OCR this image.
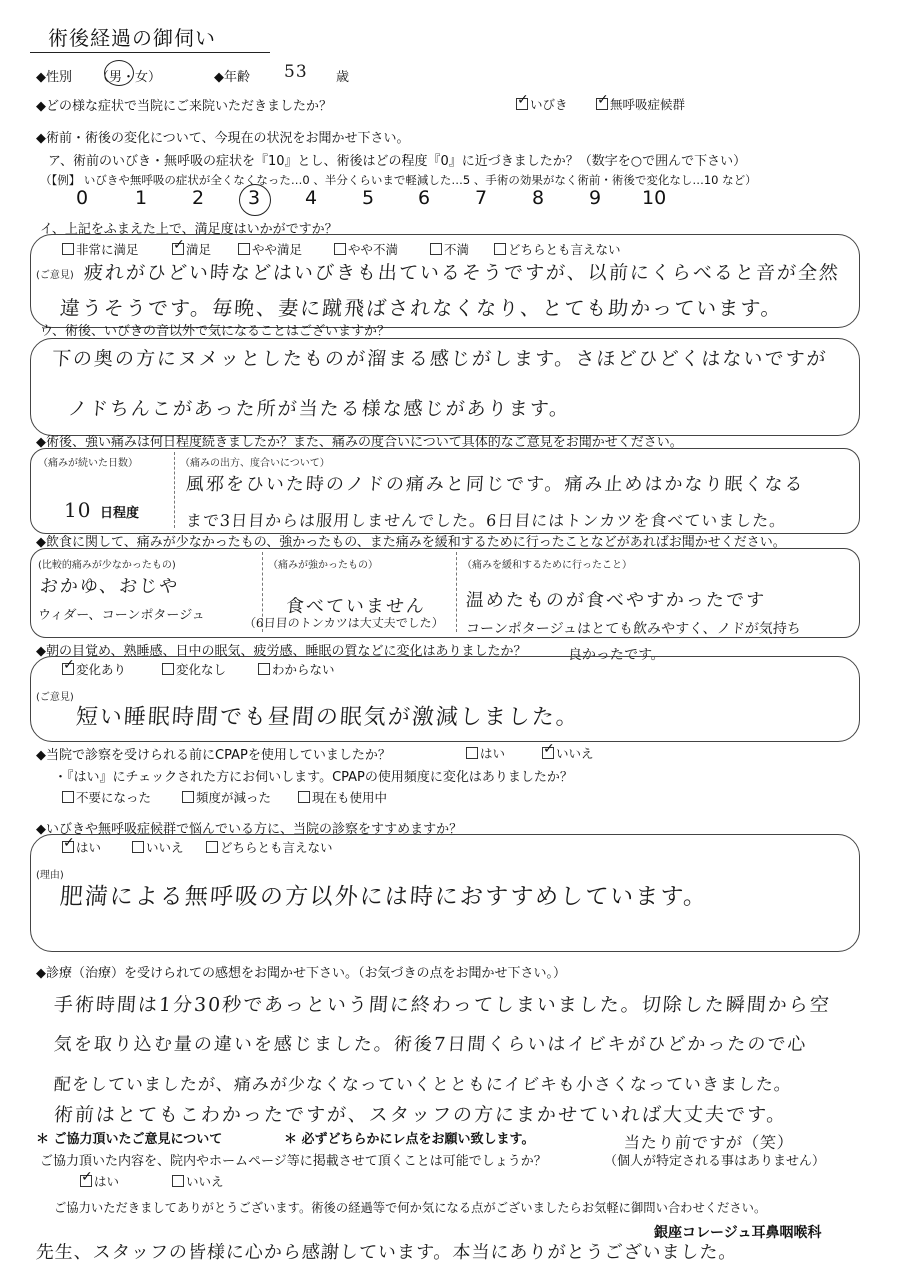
術後経過の御伺い
◆性別 （男・女）	◆年齢 53 歳
◆どの様な症状で当院にご来院いただきましたか？ ✓	いびき ✓	無呼吸症候群
◆術前・術後の変化について、今現在の状況をお聞かせ下さい。
ア、術前のいびき・無呼吸の症状を『10』とし、術後はどの程度『0』に近づきましたか？（数字を○で囲んで下さい）
（【例】 いびきや無呼吸の症状が全くなくなった…0 、半分くらいまで軽減した…5 、手術の効果がなく術前・術後で変化なし…10 など）
0 1 2 3 4 5 6 7 8 9 10
イ、上記をふまえた上で、満足度はいかがですか？
非常に満足 ✓	満足	やや満足	やや不満	不満	どちらとも言えない
(ご意見) 疲れがひどい時などはいびきも出ているそうですが、以前にくらべると音が全然
違うそうです。毎晩、妻に蹴飛ばされなくなり、とても助かっています。
ウ、術後、いびきの音以外で気になることはございますか？
下の奥の方にヌメッとしたものが溜まる感じがします。さほどひどくはないですが
ノドちんこがあった所が当たる様な感じがあります。
◆術後、強い痛みは何日程度続きましたか？また、痛みの度合いについて具体的なご意見をお聞かせください。
（痛みが続いた日数）
10 日程度
（痛みの出方、度合いについて）
風邪をひいた時のノドの痛みと同じです。痛み止めはかなり眠くなる
まで3日目からは服用しませんでした。6日目にはトンカツを食べていました。
◆飲食に関して、痛みが少なかったもの、強かったもの、また痛みを緩和するために行ったことなどがあればお聞かせください。
(比較的痛みが少なかったもの)
おかゆ、おじや
ウィダー、コーンポタージュ
（痛みが強かったもの）
食べていません
（6日目のトンカツは大丈夫でした）
（痛みを緩和するために行ったこと）
温めたものが食べやすかったです
コーンポタージュはとても飲みやすく、ノドが気持ち
良かったです。
◆朝の目覚め、熟睡感、日中の眠気、疲労感、睡眠の質などに変化はありましたか？
✓変化あり	変化なし	わからない
(ご意見)
短い睡眠時間でも昼間の眠気が激減しました。
◆当院で診察を受けられる前にCPAPを使用していましたか？	はい ✓	いいえ
・『はい』にチェックされた方にお伺いします。CPAPの使用頻度に変化はありましたか？
不要になった	頻度が減った	現在も使用中
◆いびきや無呼吸症候群で悩んでいる方に、当院の診察をすすめますか？
✓はい	いいえ	どちらとも言えない
(理由)
肥満による無呼吸の方以外には時におすすめしています。
◆診療（治療）を受けられての感想をお聞かせ下さい。（お気づきの点をお聞かせ下さい。）
手術時間は1分30秒であっという間に終わってしまいました。切除した瞬間から空
気を取り込む量の違いを感じました。術後7日間くらいはイビキがひどかったので心
配をしていましたが、痛みが少なくなっていくとともにイビキも小さくなっていきました。
術前はとてもこわかったですが、スタッフの方にまかせていれば大丈夫です。
当たり前ですが（笑）
＊ ご協力頂いたご意見について	＊ 必ずどちらかにレ点をお願い致します。
ご協力頂いた内容を、院内やホームページ等に掲載させて頂くことは可能でしょうか？	（個人が特定される事はありません）
✓はい	いいえ
ご協力いただきましてありがとうございます。術後の経過等で何か気になる点がございましたらお気軽に御問い合わせください。
銀座コレージュ耳鼻咽喉科
先生、スタッフの皆様に心から感謝しています。本当にありがとうございました。
